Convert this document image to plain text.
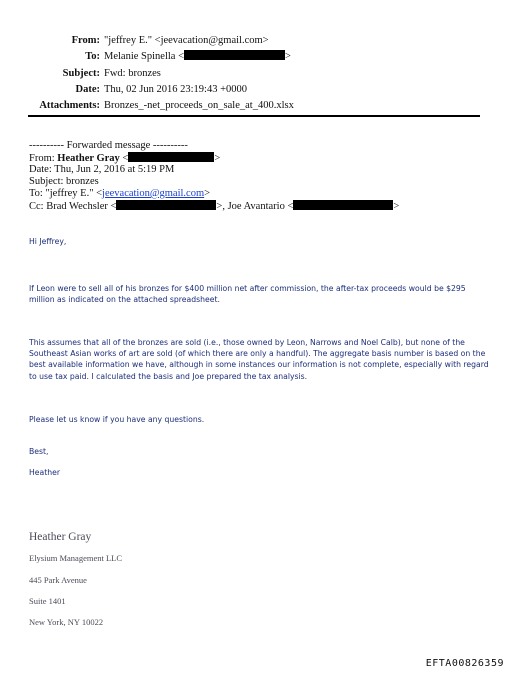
From: "jeffrey E." <jeevacation@gmail.com>
To: Melanie Spinella <	>
Subject: Fwd: bronzes
Date: Thu, 02 Jun 2016 23:19:43 +0000
Attachments: Bronzes_-net_proceeds_on_sale_at_400.xlsx
---------- Forwarded message ----------
From: Heather Gray <	>
Date: Thu, Jun 2, 2016 at 5:19 PM
Subject: bronzes
To: "jeffrey E." <jeevacation@gmail.com>
Cc: Brad Wechsler <	>, Joe Avantario <	>
Hi Jeffrey,
If Leon were to sell all of his bronzes for $400 million net after commission, the after-tax proceeds would be $295 million as indicated on the attached spreadsheet.
This assumes that all of the bronzes are sold (i.e., those owned by Leon, Narrows and Noel Calb), but none of the Southeast Asian works of art are sold (of which there are only a handful). The aggregate basis number is based on the best available information we have, although in some instances our information is not complete, especially with regard to use tax paid. I calculated the basis and Joe prepared the tax analysis.
Please let us know if you have any questions.
Best,
Heather
Heather Gray
Elysium Management LLC
445 Park Avenue
Suite 1401
New York, NY 10022
EFTA00826359
